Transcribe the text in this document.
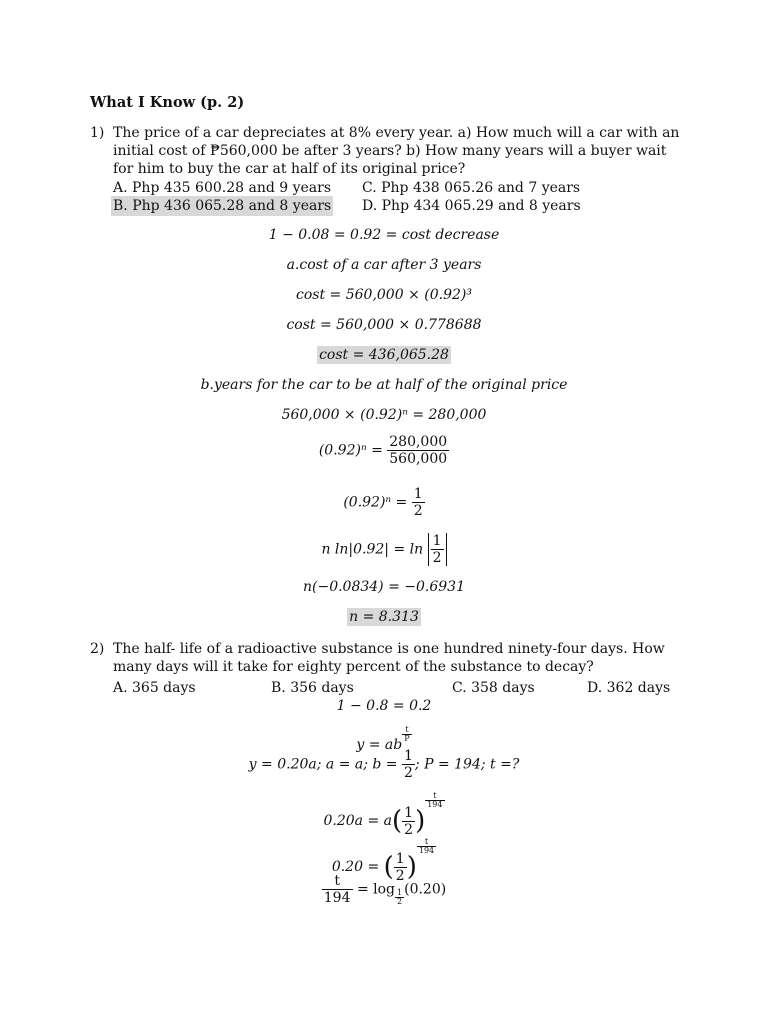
What I Know (p. 2)
1) The price of a car depreciates at 8% every year. a) How much will a car with an initial cost of ₱560,000 be after 3 years? b) How many years will a buyer wait for him to buy the car at half of its original price?
A. Php 435 600.28 and 9 years C. Php 438 065.26 and 7 years
B. Php 436 065.28 and 8 years D. Php 434 065.29 and 8 years
1 − 0.08 = 0.92 = cost decrease
a.cost of a car after 3 years
cost = 560,000 × (0.92)³
cost = 560,000 × 0.778688
cost = 436,065.28
b.years for the car to be at half of the original price
560,000 × (0.92)ⁿ = 280,000
$(0.92)^n = \frac{280,000}{560,000}$
$(0.92)^n = \frac{1}{2}$
n $\ln|0.92| = \ln \frac{1}{2}$
n(−0.0834) = −0.6931
n = 8.313
2) The half- life of a radioactive substance is one hundred ninety-four days. How many days will it take for eighty percent of the substance to decay?
A. 365 days	B. 356 days	C. 358 days	D. 362 days
1 − 0.8 = 0.2
y = ab
$\frac{t}{P}$
y = 0.20a; a = a; $b = \frac{1}{2}$ ; P = 194; t =?
$0.20a = a( \frac{1}{2}$ )
$\frac{t}{194}$
0.20 = ( $\frac{1}{2}$ )
$\frac{t}{194}$
$\frac{t}{194} = \log \frac{1}{2} (0.20)$
